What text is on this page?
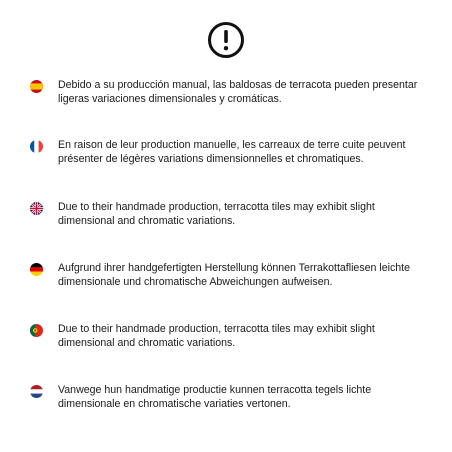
Debido a su producción manual, las baldosas de terracota pueden presentar ligeras variaciones dimensionales y cromáticas.
En raison de leur production manuelle, les carreaux de terre cuite peuvent présenter de légères variations dimensionnelles et chromatiques.
Due to their handmade production, terracotta tiles may exhibit slight dimensional and chromatic variations.
Aufgrund ihrer handgefertigten Herstellung können Terrakottafliesen leichte dimensionale und chromatische Abweichungen aufweisen.
Due to their handmade production, terracotta tiles may exhibit slight dimensional and chromatic variations.
Vanwege hun handmatige productie kunnen terracotta tegels lichte dimensionale en chromatische variaties vertonen.
